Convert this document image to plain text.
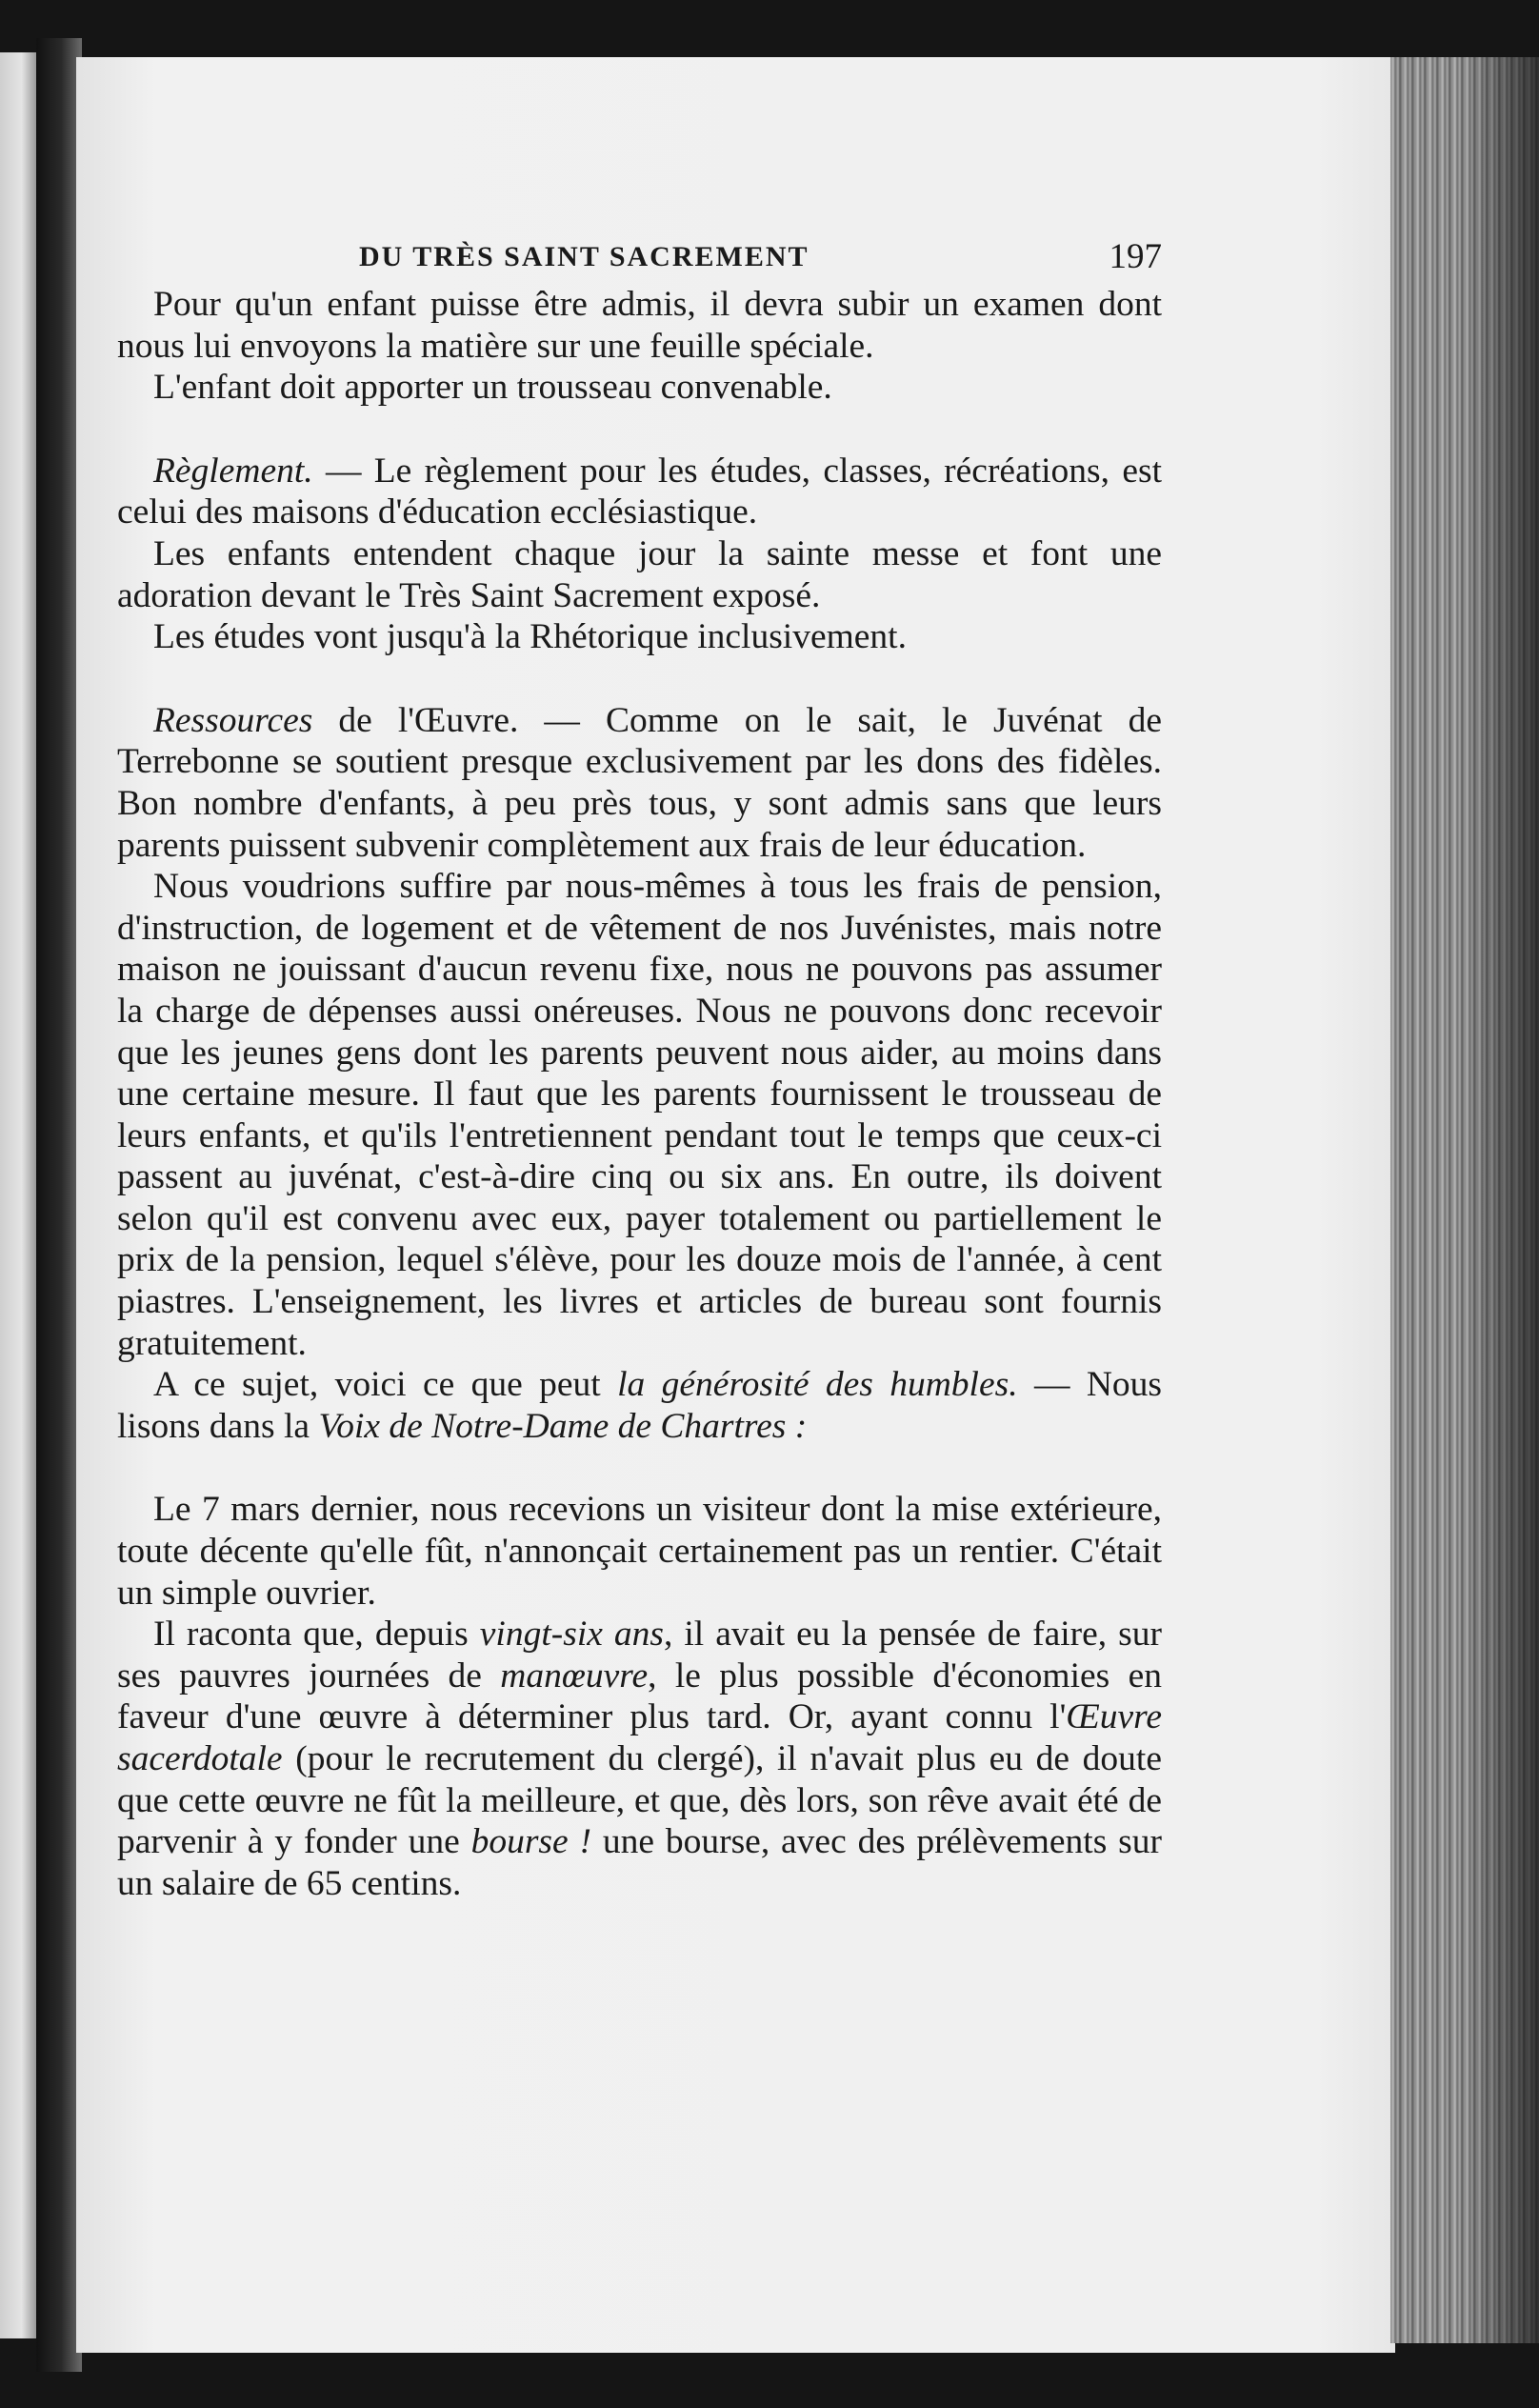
DU TRÈS SAINT SACREMENT	197

Pour qu'un enfant puisse être admis, il devra subir un examen dont nous lui envoyons la matière sur une feuille spéciale.

L'enfant doit apporter un trousseau convenable.

Règlement. — Le règlement pour les études, classes, récréations, est celui des maisons d'éducation ecclésiastique.

Les enfants entendent chaque jour la sainte messe et font une adoration devant le Très Saint Sacrement exposé.

Les études vont jusqu'à la Rhétorique inclusivement.

Ressources de l'Œuvre. — Comme on le sait, le Juvénat de Terrebonne se soutient presque exclusivement par les dons des fidèles. Bon nombre d'enfants, à peu près tous, y sont admis sans que leurs parents puissent subvenir complètement aux frais de leur éducation.

Nous voudrions suffire par nous-mêmes à tous les frais de pension, d'instruction, de logement et de vêtement de nos Juvénistes, mais notre maison ne jouissant d'aucun revenu fixe, nous ne pouvons pas assumer la charge de dépenses aussi onéreuses. Nous ne pouvons donc recevoir que les jeunes gens dont les parents peuvent nous aider, au moins dans une certaine mesure. Il faut que les parents fournissent le trousseau de leurs enfants, et qu'ils l'entretiennent pendant tout le temps que ceux-ci passent au juvénat, c'est-à-dire cinq ou six ans. En outre, ils doivent selon qu'il est convenu avec eux, payer totalement ou partiellement le prix de la pension, lequel s'élève, pour les douze mois de l'année, à cent piastres. L'enseignement, les livres et articles de bureau sont fournis gratuitement.

A ce sujet, voici ce que peut la générosité des humbles. — Nous lisons dans la Voix de Notre-Dame de Chartres :

Le 7 mars dernier, nous recevions un visiteur dont la mise extérieure, toute décente qu'elle fût, n'annonçait certainement pas un rentier. C'était un simple ouvrier.

Il raconta que, depuis vingt-six ans, il avait eu la pensée de faire, sur ses pauvres journées de manœuvre, le plus possible d'économies en faveur d'une œuvre à déterminer plus tard. Or, ayant connu l'Œuvre sacerdotale (pour le recrutement du clergé), il n'avait plus eu de doute que cette œuvre ne fût la meilleure, et que, dès lors, son rêve avait été de parvenir à y fonder une bourse ! une bourse, avec des prélèvements sur un salaire de 65 centins.
